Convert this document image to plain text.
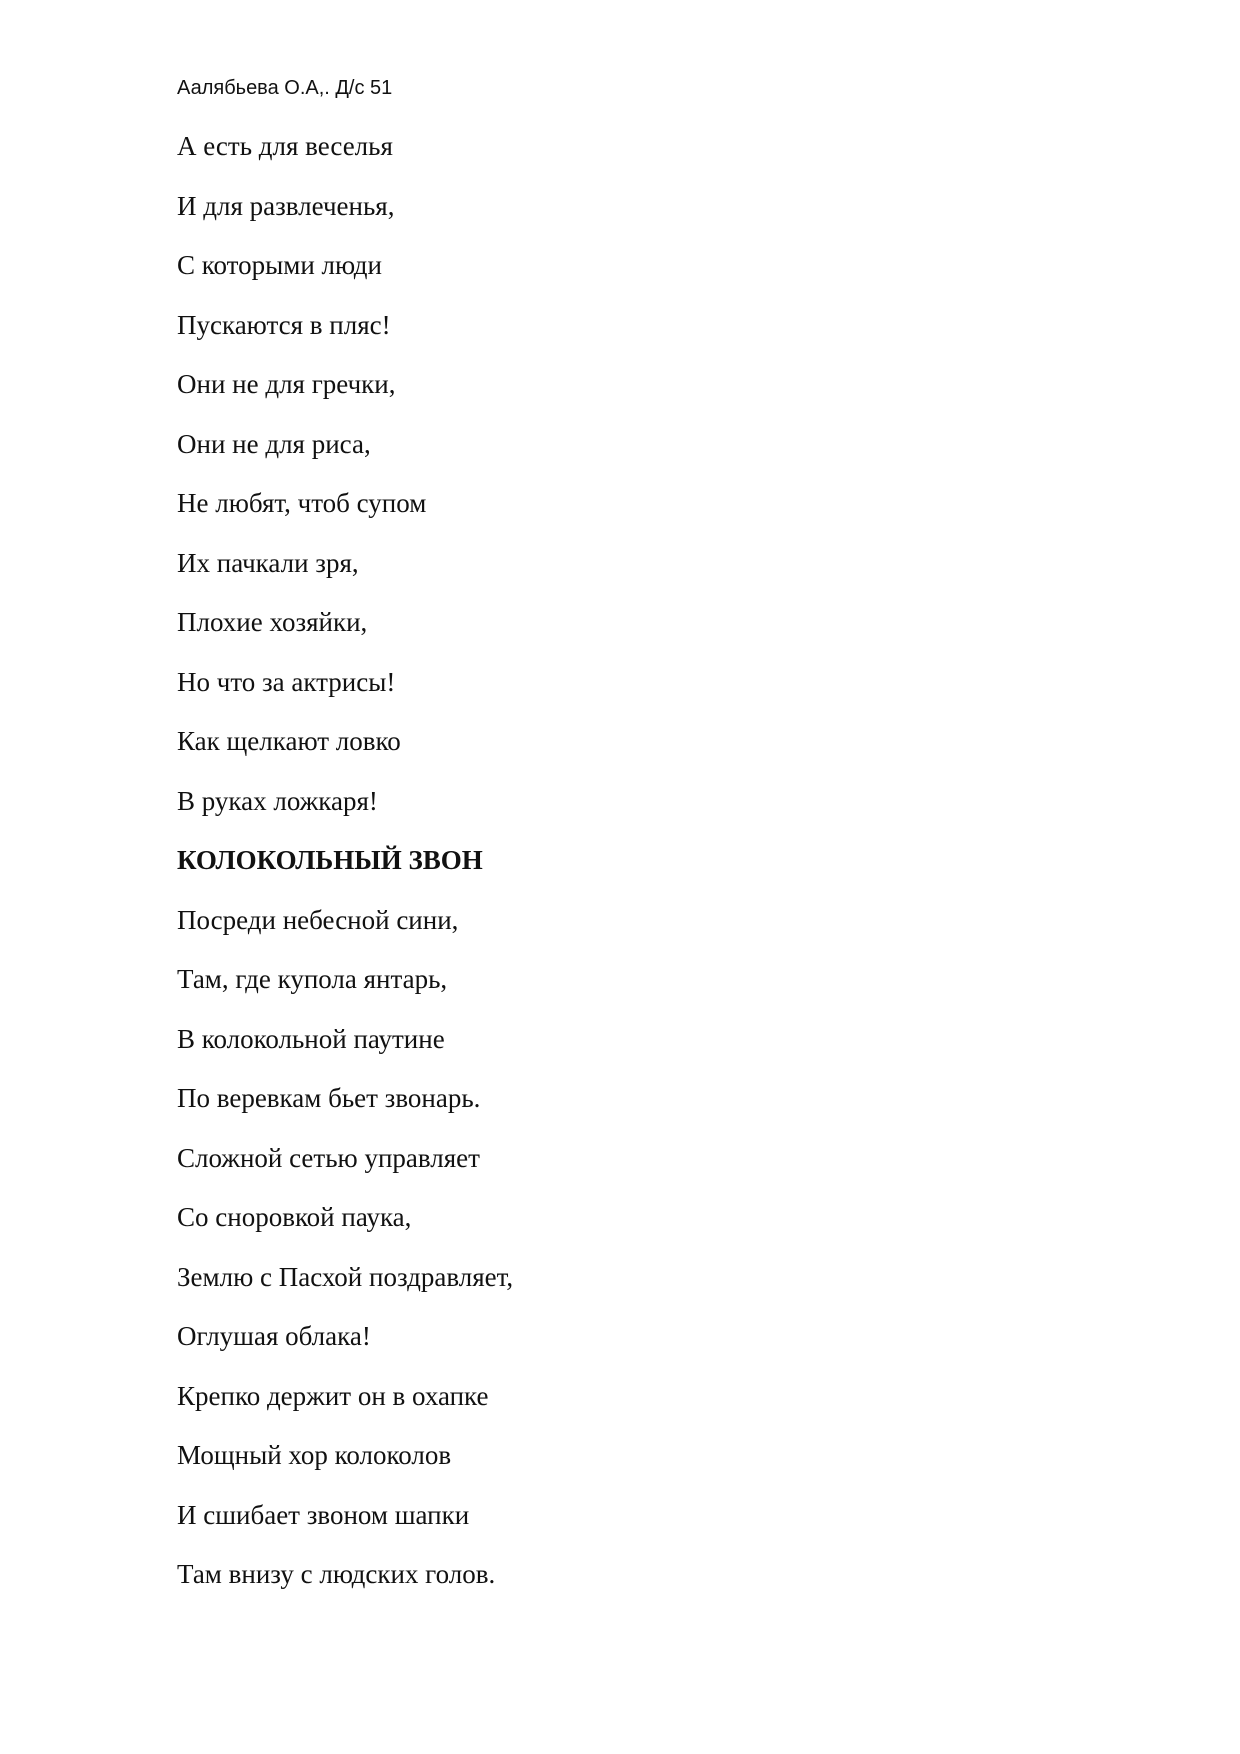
Аалябьева О.А,. Д/с 51
А есть для веселья
И для развлеченья,
С которыми люди
Пускаются в пляс!
Они не для гречки,
Они не для риса,
Не любят, чтоб супом
Их пачкали зря,
Плохие хозяйки,
Но что за актрисы!
Как щелкают ловко
В руках ложкаря!
КОЛОКОЛЬНЫЙ ЗВОН
Посреди небесной сини,
Там, где купола янтарь,
В колокольной паутине
По веревкам бьет звонарь.
Сложной сетью управляет
Со сноровкой паука,
Землю с Пасхой поздравляет,
Оглушая облака!
Крепко держит он в охапке
Мощный хор колоколов
И сшибает звоном шапки
Там внизу с людских голов.
